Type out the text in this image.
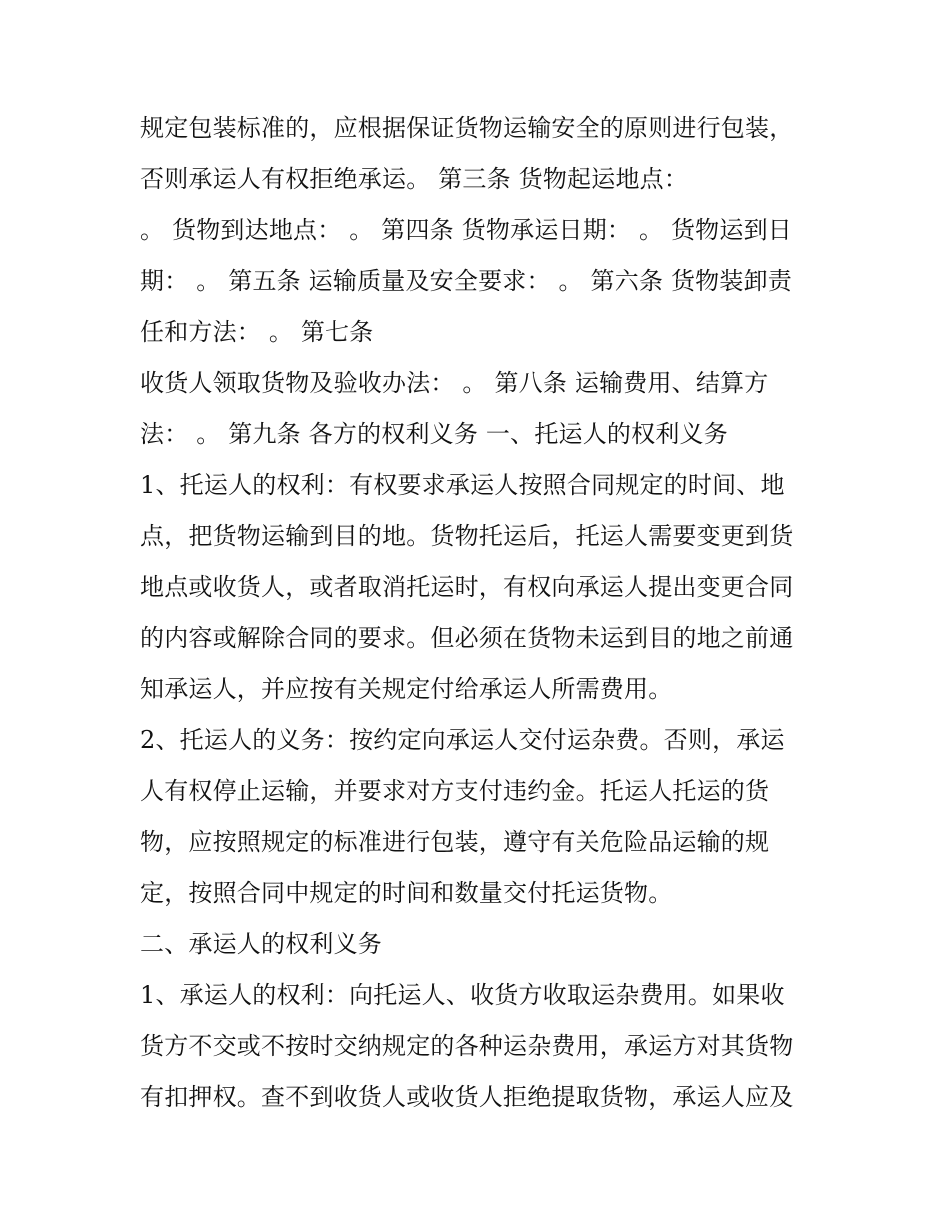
规定包装标准的，应根据保证货物运输安全的原则进行包装，
否则承运人有权拒绝承运。 第三条 货物起运地点：
。 货物到达地点： 。 第四条 货物承运日期： 。 货物运到日
期： 。 第五条 运输质量及安全要求： 。 第六条 货物装卸责
任和方法： 。 第七条
收货人领取货物及验收办法： 。 第八条 运输费用、结算方
法： 。 第九条 各方的权利义务 一、托运人的权利义务
1、托运人的权利：有权要求承运人按照合同规定的时间、地
点，把货物运输到目的地。货物托运后，托运人需要变更到货
地点或收货人，或者取消托运时，有权向承运人提出变更合同
的内容或解除合同的要求。但必须在货物未运到目的地之前通
知承运人，并应按有关规定付给承运人所需费用。
2、托运人的义务：按约定向承运人交付运杂费。否则，承运
人有权停止运输，并要求对方支付违约金。托运人托运的货
物，应按照规定的标准进行包装，遵守有关危险品运输的规
定，按照合同中规定的时间和数量交付托运货物。
二、承运人的权利义务
1、承运人的权利：向托运人、收货方收取运杂费用。如果收
货方不交或不按时交纳规定的各种运杂费用，承运方对其货物
有扣押权。查不到收货人或收货人拒绝提取货物，承运人应及
